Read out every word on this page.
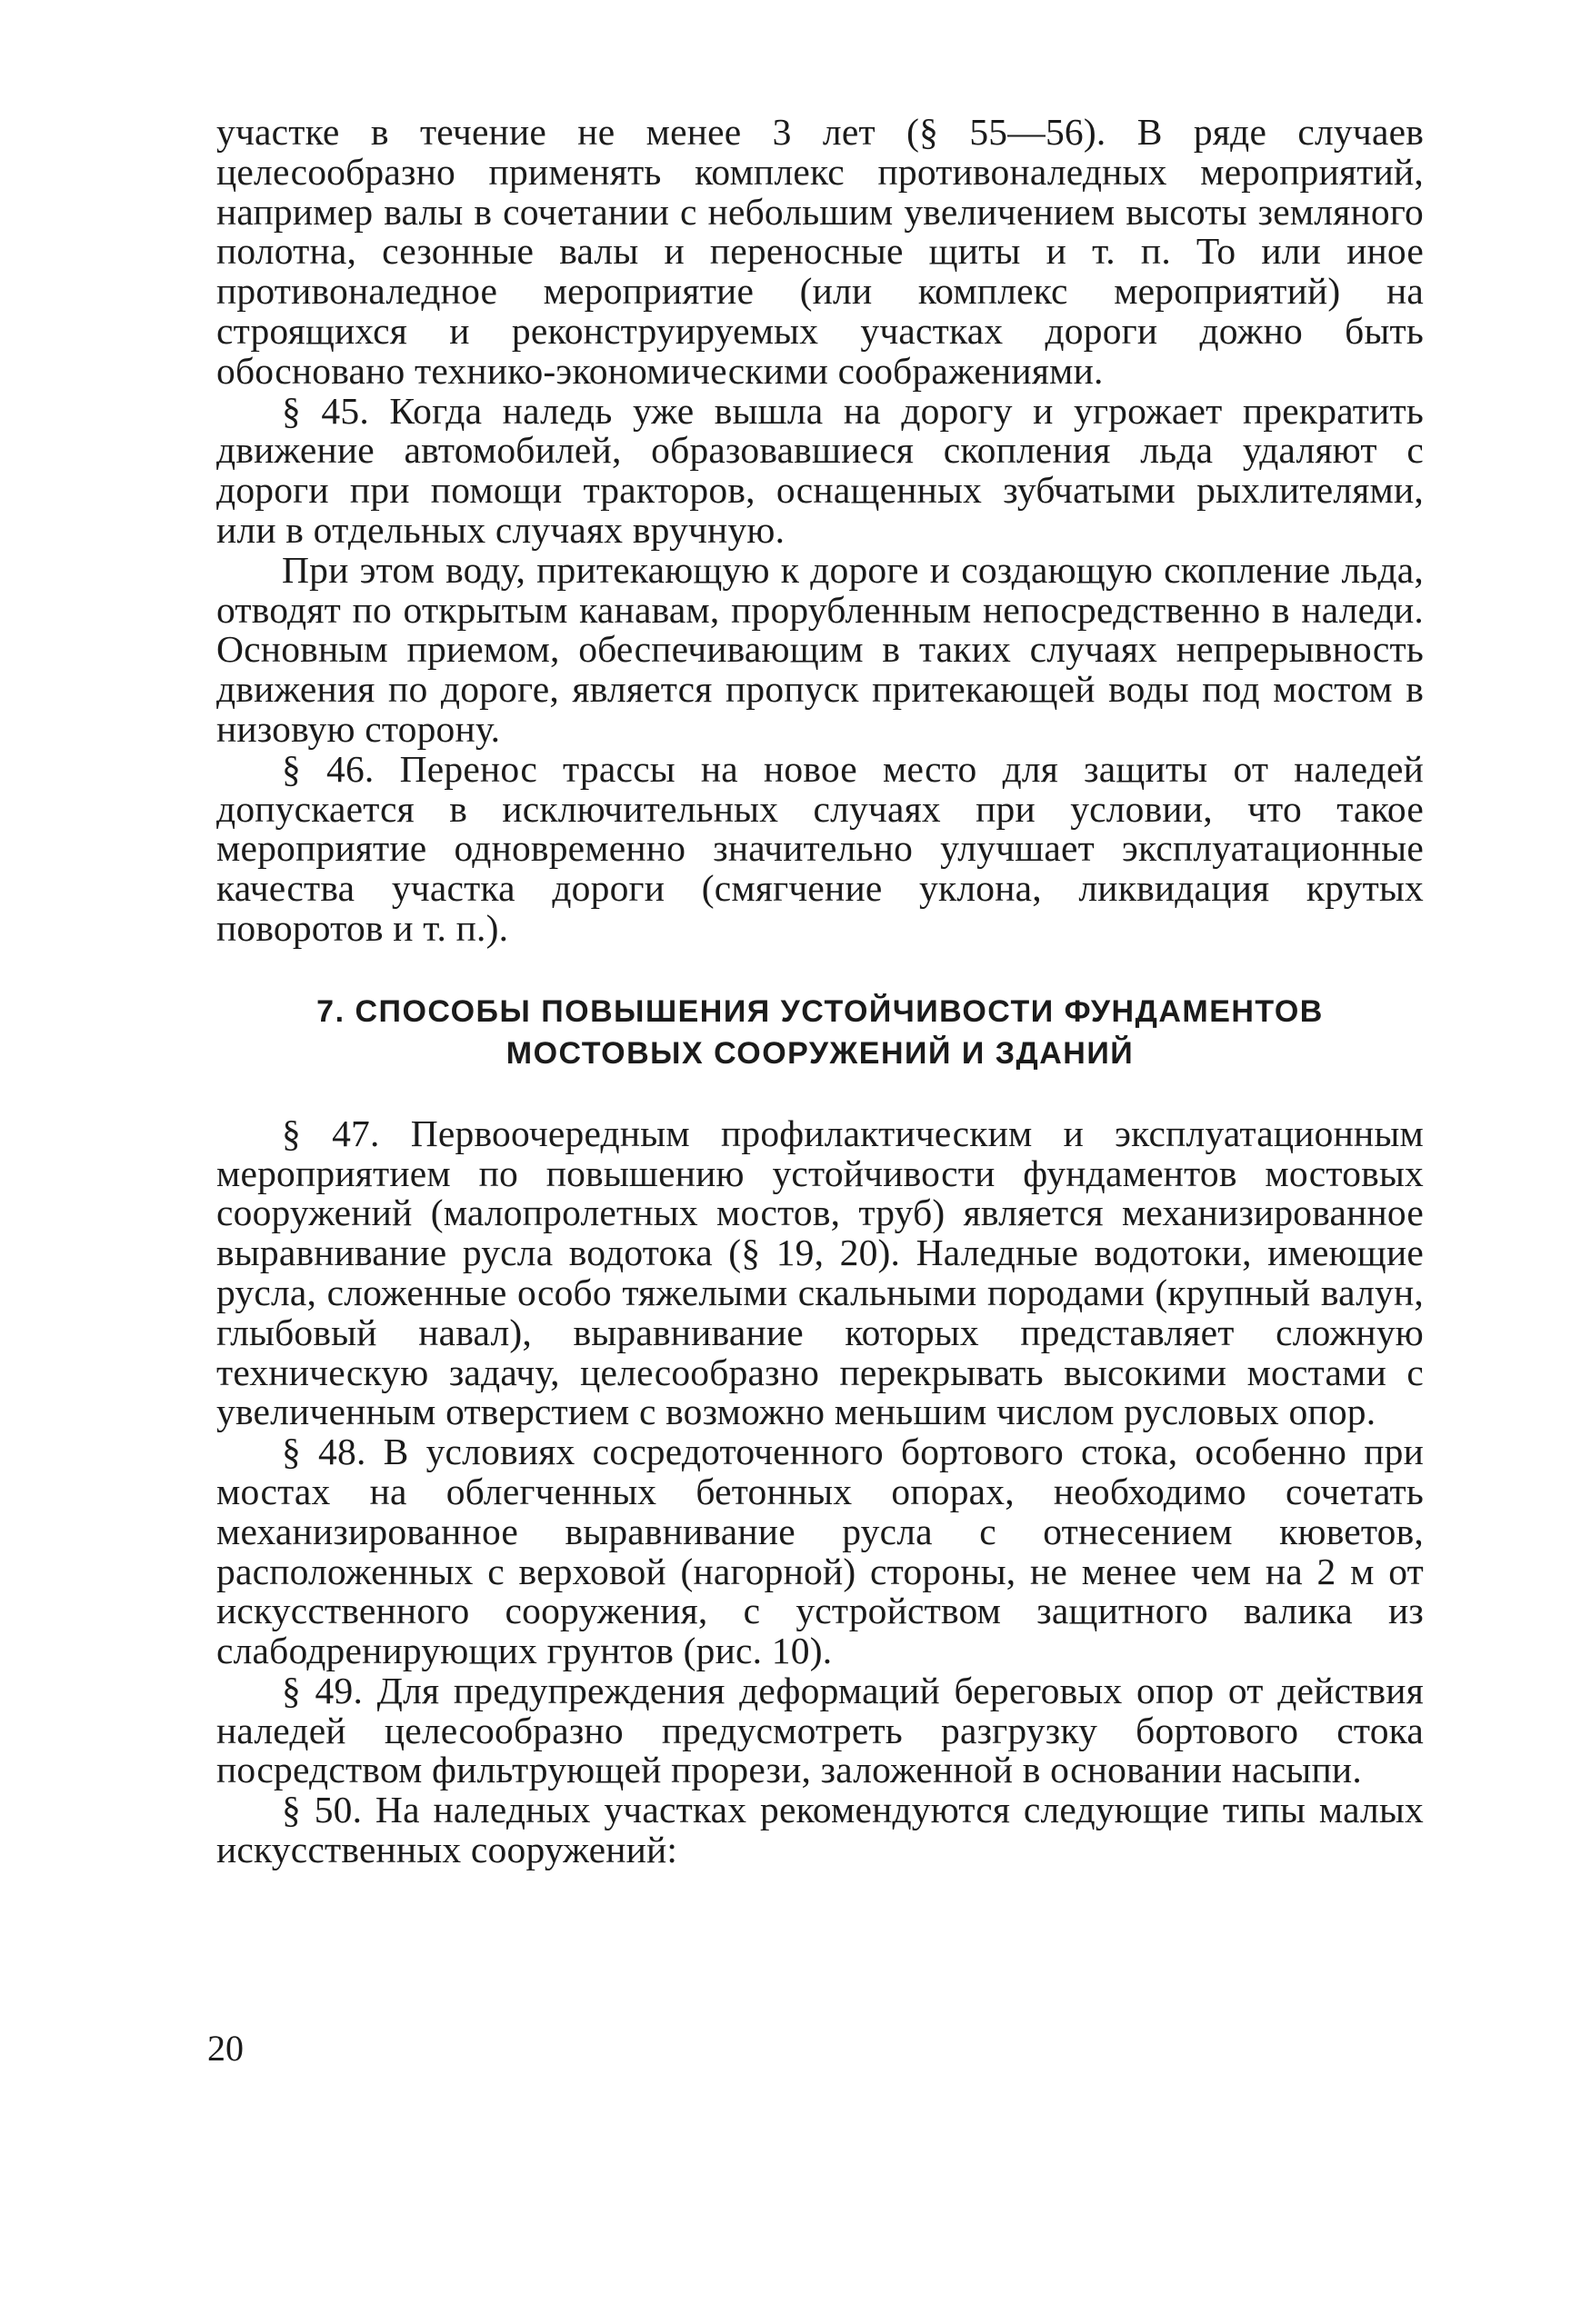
участке в течение не менее 3 лет (§ 55—56). В ряде случаев целесообразно применять комплекс противоналедных мероприятий, например валы в сочетании с небольшим увеличением высоты земляного полотна, сезонные валы и переносные щиты и т. п. То или иное противоналедное мероприятие (или комплекс мероприятий) на строящихся и реконструируемых участках дороги дожно быть обосновано технико-экономическими соображениями.

§ 45. Когда наледь уже вышла на дорогу и угрожает прекратить движение автомобилей, образовавшиеся скопления льда удаляют с дороги при помощи тракторов, оснащенных зубчатыми рыхлителями, или в отдельных случаях вручную.

При этом воду, притекающую к дороге и создающую скопление льда, отводят по открытым канавам, прорубленным непосредственно в наледи. Основным приемом, обеспечивающим в таких случаях непрерывность движения по дороге, является пропуск притекающей воды под мостом в низовую сторону.

§ 46. Перенос трассы на новое место для защиты от наледей допускается в исключительных случаях при условии, что такое мероприятие одновременно значительно улучшает эксплуатационные качества участка дороги (смягчение уклона, ликвидация крутых поворотов и т. п.).

7. СПОСОБЫ ПОВЫШЕНИЯ УСТОЙЧИВОСТИ ФУНДАМЕНТОВ
МОСТОВЫХ СООРУЖЕНИЙ И ЗДАНИЙ

§ 47. Первоочередным профилактическим и эксплуатационным мероприятием по повышению устойчивости фундаментов мостовых сооружений (малопролетных мостов, труб) является механизированное выравнивание русла водотока (§ 19, 20). Наледные водотоки, имеющие русла, сложенные особо тяжелыми скальными породами (крупный валун, глыбовый навал), выравнивание которых представляет сложную техническую задачу, целесообразно перекрывать высокими мостами с увеличенным отверстием с возможно меньшим числом русловых опор.

§ 48. В условиях сосредоточенного бортового стока, особенно при мостах на облегченных бетонных опорах, необходимо сочетать механизированное выравнивание русла с отнесением кюветов, расположенных с верховой (нагорной) стороны, не менее чем на 2 м от искусственного сооружения, с устройством защитного валика из слабодренирующих грунтов (рис. 10).

§ 49. Для предупреждения деформаций береговых опор от действия наледей целесообразно предусмотреть разгрузку бортового стока посредством фильтрующей прорези, заложенной в основании насыпи.

§ 50. На наледных участках рекомендуются следующие типы малых искусственных сооружений:

20
